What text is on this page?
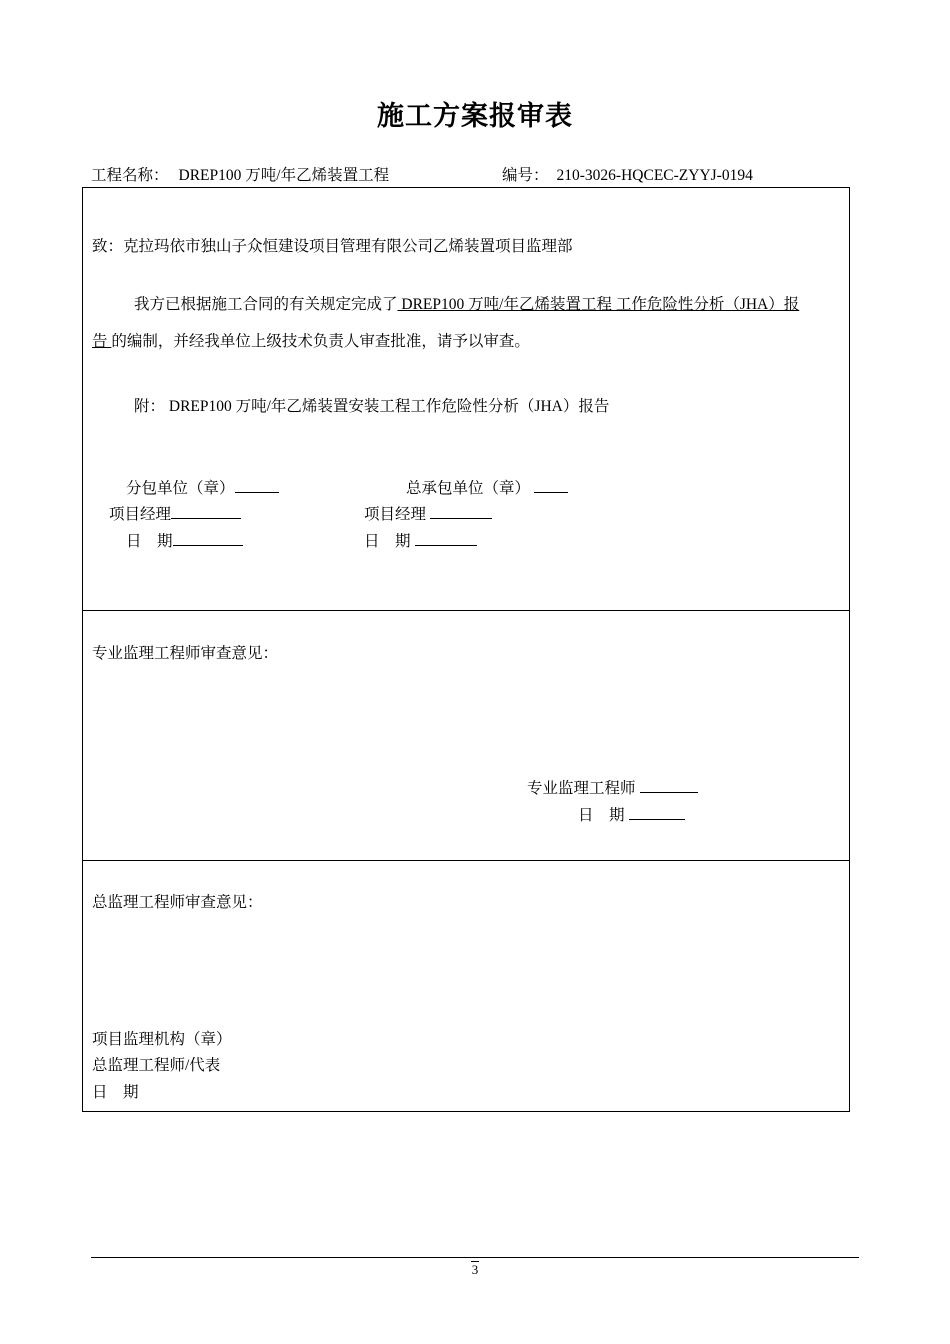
施工方案报审表
工程名称： DREP100 万吨/年乙烯装置工程	编号： 210-3026-HQCEC-ZYYJ-0194
致：克拉玛依市独山子众恒建设项目管理有限公司乙烯装置项目监理部
我方已根据施工合同的有关规定完成了 DREP100 万吨/年乙烯装置工程 工作危险性分析（JHA）报
告 的编制，并经我单位上级技术负责人审查批准，请予以审查。
附： DREP100 万吨/年乙烯装置安装工程工作危险性分析（JHA）报告
分包单位（章）
项目经理
日　期
总承包单位（章）
项目经理
日　期
专业监理工程师审查意见：
专业监理工程师
日　期
总监理工程师审查意见：
项目监理机构（章）
总监理工程师/代表
日　期
3
